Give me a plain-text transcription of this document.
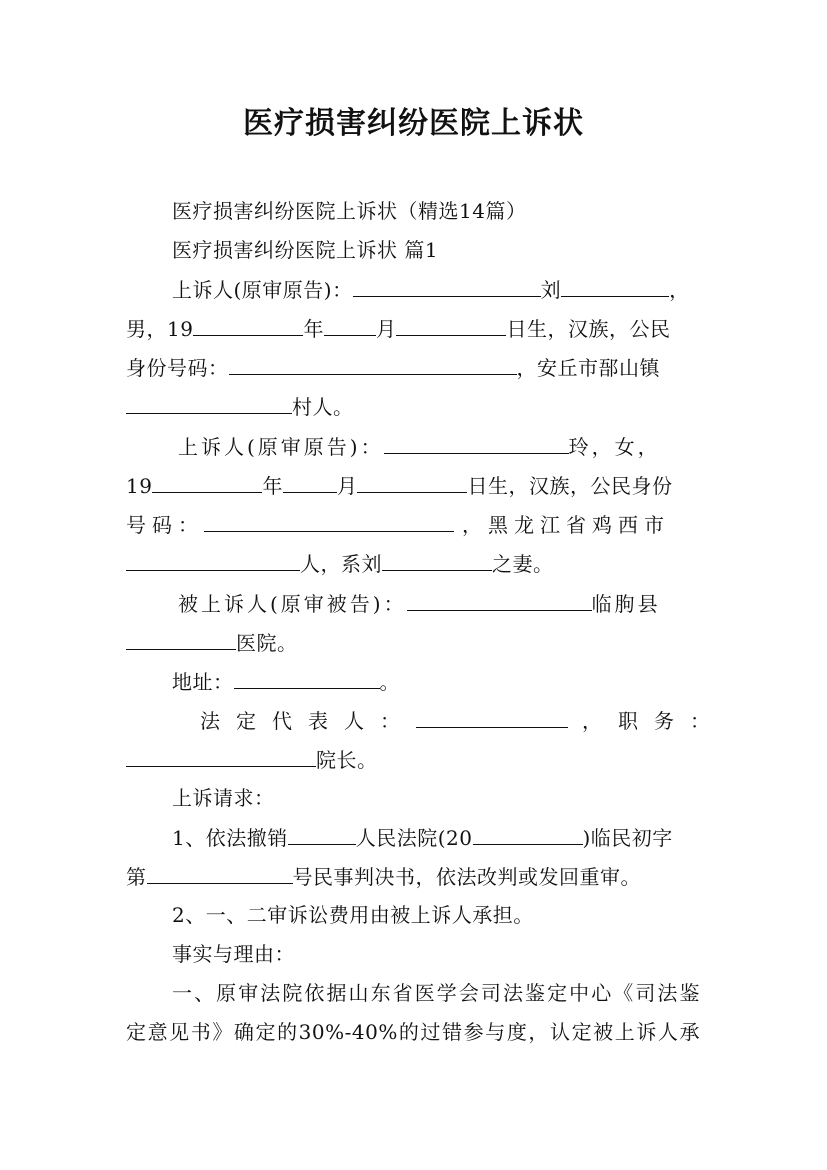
医疗损害纠纷医院上诉状
医疗损害纠纷医院上诉状（精选14篇）
医疗损害纠纷医院上诉状 篇1
上诉人(原审原告)：	刘	，
男，19	年	月	日生，汉族，公民
身份号码：	，安丘市郚山镇
村人。
上诉人(原审原告)：	玲，女，
19	年	月	日生，汉族，公民身份
号码：	，黑龙江省鸡西市
人，系刘	之妻。
被上诉人(原审被告)：	临朐县
医院。
地址：	。
法定代表人：	，职务：
院长。
上诉请求：
1、依法撤销	人民法院(20	)临民初字
第	号民事判决书，依法改判或发回重审。
2、一、二审诉讼费用由被上诉人承担。
事实与理由：
一、原审法院依据山东省医学会司法鉴定中心《司法鉴
定意见书》确定的30%-40%的过错参与度，认定被上诉人承
